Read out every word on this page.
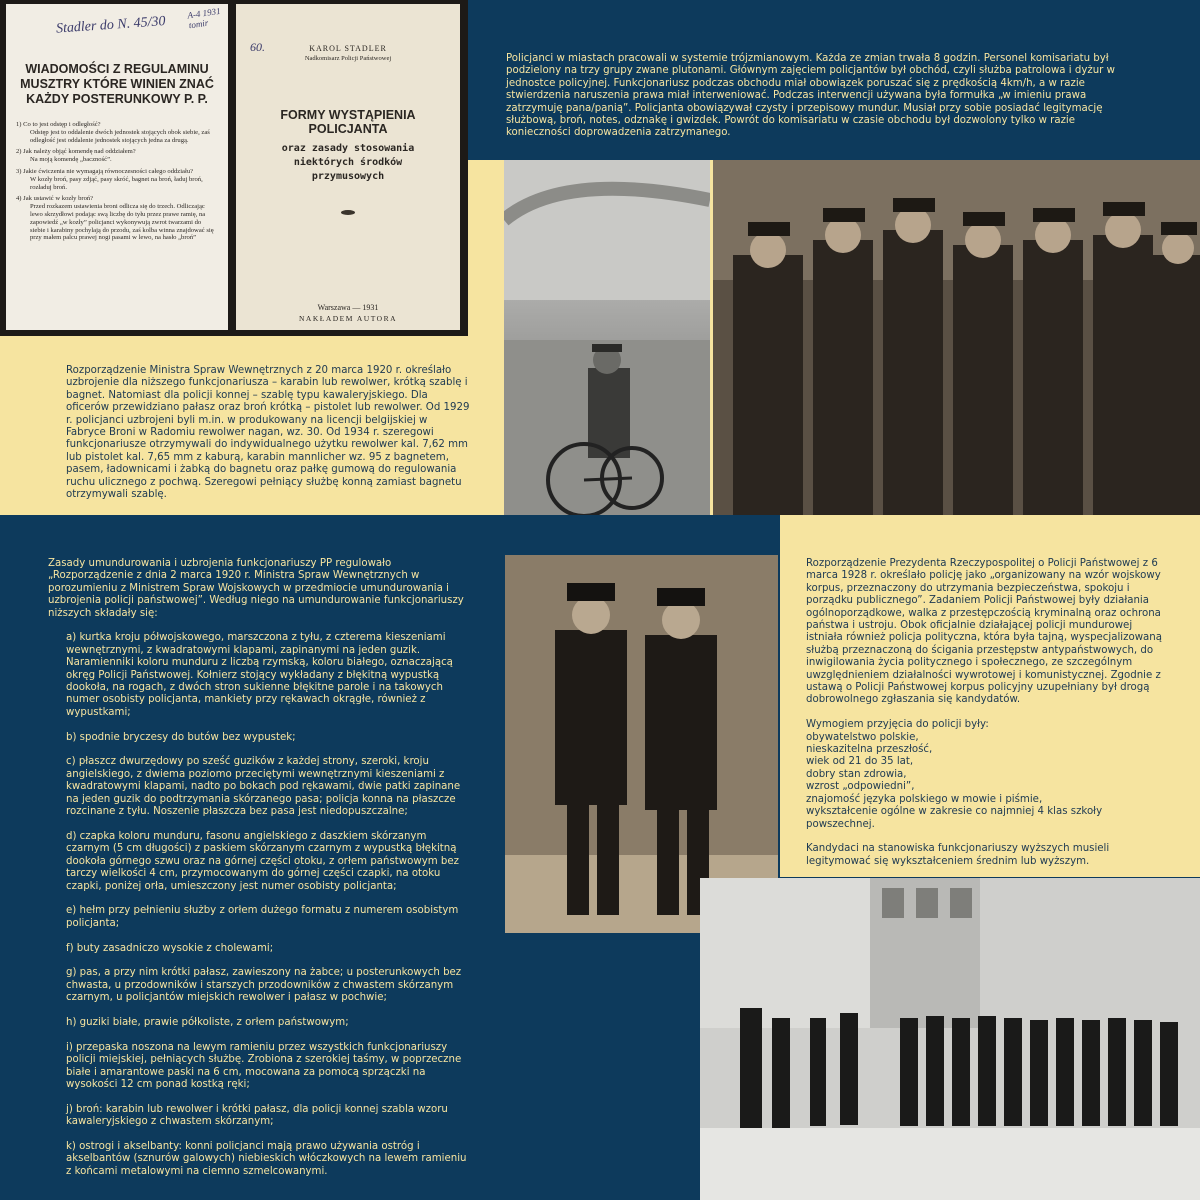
Stadler do N. 45/30
A-4 1931 tomir
WIADOMOŚCI Z REGULAMINU MUSZTRY KTÓRE WINIEN ZNAĆ KAŻDY POSTERUNKOWY P. P.
1) Co to jest odstęp i odległość?
Odstęp jest to oddalenie dwóch jednostek stojących obok siebie, zaś odległość jest oddalenie jednostek stojących jedna za drugą.
2) Jak należy objąć komendę nad oddziałem?
Na moją komendę „baczność”.
3) Jakie ćwiczenia nie wymagają równoczesności całego oddziału?
W kozły broń, pasy zdjąć, pasy skróć, bagnet na broń, ładuj broń, rozładuj broń.
4) Jak ustawić w kozły broń?
Przed rozkazem ustawienia broni odlicza się do trzech. Odliczając lewo skrzydłowi podając swą liczbę do tyłu przez prawe ramię, na zapowiedź „w kozły” policjanci wykonywują zwrot twarzami do siebie i karabiny pochylają do przodu, zaś kolba winna znajdować się przy małem palcu prawej nogi pasami w lewo, na hasło „broń”
60.	KAROL STADLER
Nadkomisarz Policji Państwowej
FORMY WYSTĄPIENIA POLICJANTA
oraz zasady stosowania niektórych środków przymusowych
Warszawa — 1931
NAKŁADEM AUTORA

Policjanci w miastach pracowali w systemie trójzmianowym. Każda ze zmian trwała 8 godzin. Personel komisariatu był podzielony na trzy grupy zwane plutonami. Głównym zajęciem policjantów był obchód, czyli służba patrolowa i dyżur w jednostce policyjnej. Funkcjonariusz podczas obchodu miał obowiązek poruszać się z prędkością 4km/h, a w razie stwierdzenia naruszenia prawa miał interweniować. Podczas interwencji używana była formułka „w imieniu prawa zatrzymuję pana/panią”. Policjanta obowiązywał czysty i przepisowy mundur. Musiał przy sobie posiadać legitymację służbową, broń, notes, odznakę i gwizdek. Powrót do komisariatu w czasie obchodu był dozwolony tylko w razie konieczności doprowadzenia zatrzymanego.

Rozporządzenie Ministra Spraw Wewnętrznych z 20 marca 1920 r. określało uzbrojenie dla niższego funkcjonariusza – karabin lub rewolwer, krótką szablę i bagnet. Natomiast dla policji konnej – szablę typu kawaleryjskiego. Dla oficerów przewidziano pałasz oraz broń krótką – pistolet lub rewolwer. Od 1929 r. policjanci uzbrojeni byli m.in. w produkowany na licencji belgijskiej w Fabryce Broni w Radomiu rewolwer nagan, wz. 30. Od 1934 r. szeregowi funkcjonariusze otrzymywali do indywidualnego użytku rewolwer kal. 7,62 mm lub pistolet kal. 7,65 mm z kaburą, karabin mannlicher wz. 95 z bagnetem, pasem, ładownicami i żabką do bagnetu oraz pałkę gumową do regulowania ruchu ulicznego z pochwą. Szeregowi pełniący służbę konną zamiast bagnetu otrzymywali szablę.

Zasady umundurowania i uzbrojenia funkcjonariuszy PP regulowało „Rozporządzenie z dnia 2 marca 1920 r. Ministra Spraw Wewnętrznych w porozumieniu z Ministrem Spraw Wojskowych w przedmiocie umundurowania i uzbrojenia policji państwowej”. Według niego na umundurowanie funkcjonariuszy niższych składały się:

a) kurtka kroju półwojskowego, marszczona z tyłu, z czterema kieszeniami wewnętrznymi, z kwadratowymi klapami, zapinanymi na jeden guzik. Naramienniki koloru munduru z liczbą rzymską, koloru białego, oznaczającą okręg Policji Państwowej. Kołnierz stojący wykładany z błękitną wypustką dookoła, na rogach, z dwóch stron sukienne błękitne parole i na takowych numer osobisty policjanta, mankiety przy rękawach okrągłe, również z wypustkami;

b) spodnie bryczesy do butów bez wypustek;

c) płaszcz dwurzędowy po sześć guzików z każdej strony, szeroki, kroju angielskiego, z dwiema poziomo przeciętymi wewnętrznymi kieszeniami z kwadratowymi klapami, nadto po bokach pod rękawami, dwie patki zapinane na jeden guzik do podtrzymania skórzanego pasa; policja konna na płaszcze rozcinane z tyłu. Noszenie płaszcza bez pasa jest niedopuszczalne;

d) czapka koloru munduru, fasonu angielskiego z daszkiem skórzanym czarnym (5 cm długości) z paskiem skórzanym czarnym z wypustką błękitną dookoła górnego szwu oraz na górnej części otoku, z orłem państwowym bez tarczy wielkości 4 cm, przymocowanym do górnej części czapki, na otoku czapki, poniżej orła, umieszczony jest numer osobisty policjanta;

e) hełm przy pełnieniu służby z orłem dużego formatu z numerem osobistym policjanta;

f) buty zasadniczo wysokie z cholewami;

g) pas, a przy nim krótki pałasz, zawieszony na żabce; u posterunkowych bez chwasta, u przodowników i starszych przodowników z chwastem skórzanym czarnym, u policjantów miejskich rewolwer i pałasz w pochwie;

h) guziki białe, prawie półkoliste, z orłem państwowym;

i) przepaska noszona na lewym ramieniu przez wszystkich funkcjonariuszy policji miejskiej, pełniących służbę. Zrobiona z szerokiej taśmy, w poprzeczne białe i amarantowe paski na 6 cm, mocowana za pomocą sprzączki na wysokości 12 cm ponad kostką ręki;

j) broń: karabin lub rewolwer i krótki pałasz, dla policji konnej szabla wzoru kawaleryjskiego z chwastem skórzanym;

k) ostrogi i akselbanty: konni policjanci mają prawo używania ostróg i akselbantów (sznurów galowych) niebieskich włóczkowych na lewem ramieniu z końcami metalowymi na ciemno szmelcowanymi.

Rozporządzenie Prezydenta Rzeczypospolitej o Policji Państwowej z 6 marca 1928 r. określało policję jako „organizowany na wzór wojskowy korpus, przeznaczony do utrzymania bezpieczeństwa, spokoju i porządku publicznego”. Zadaniem Policji Państwowej były działania ogólnoporządkowe, walka z przestępczością kryminalną oraz ochrona państwa i ustroju. Obok oficjalnie działającej policji mundurowej istniała również policja polityczna, która była tajną, wyspecjalizowaną służbą przeznaczoną do ścigania przestępstw antypaństwowych, do inwigilowania życia politycznego i społecznego, ze szczególnym uwzględnieniem działalności wywrotowej i komunistycznej. Zgodnie z ustawą o Policji Państwowej korpus policyjny uzupełniany był drogą dobrowolnego zgłaszania się kandydatów.

Wymogiem przyjęcia do policji były:

obywatelstwo polskie,

nieskazitelna przeszłość,

wiek od 21 do 35 lat,

dobry stan zdrowia,

wzrost „odpowiedni”,

znajomość języka polskiego w mowie i piśmie,

wykształcenie ogólne w zakresie co najmniej 4 klas szkoły powszechnej.

Kandydaci na stanowiska funkcjonariuszy wyższych musieli legitymować się wykształceniem średnim lub wyższym.
